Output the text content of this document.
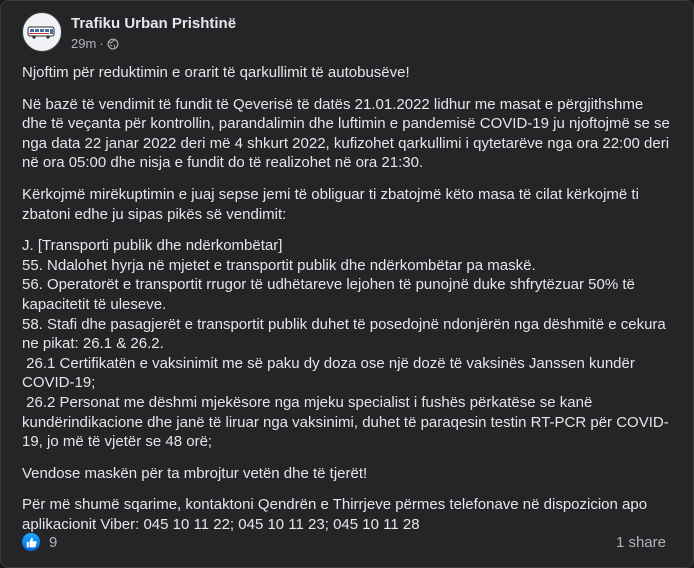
Trafiku Urban Prishtinë
29m ·

Njoftim për reduktimin e orarit të qarkullimit të autobusëve!

Në bazë të vendimit të fundit të Qeverisë të datës 21.01.2022 lidhur me masat e përgjithshme dhe të veçanta për kontrollin, parandalimin dhe luftimin e pandemisë COVID-19 ju njoftojmë se se nga data 22 janar 2022 deri më 4 shkurt 2022, kufizohet qarkullimi i qytetarëve nga ora 22:00 deri në ora 05:00 dhe nisja e fundit do të realizohet në ora 21:30.

Kërkojmë mirëkuptimin e juaj sepse jemi të obliguar ti zbatojmë këto masa të cilat kërkojmë ti zbatoni edhe ju sipas pikës së vendimit:

J. [Transporti publik dhe ndërkombëtar]
55. Ndalohet hyrja në mjetet e transportit publik dhe ndërkombëtar pa maskë.
56. Operatorët e transportit rrugor të udhëtareve lejohen të punojnë duke shfrytëzuar 50% të kapacitetit të uleseve.
58. Stafi dhe pasagjerët e transportit publik duhet të posedojnë ndonjërën nga dëshmitë e cekura ne pikat: 26.1 & 26.2.
26.1 Certifikatën e vaksinimit me së paku dy doza ose një dozë të vaksinës Janssen kundër COVID-19;
26.2 Personat me dëshmi mjekësore nga mjeku specialist i fushës përkatëse se kanë kundërindikacione dhe janë të liruar nga vaksinimi, duhet të paraqesin testin RT-PCR për COVID-19, jo më të vjetër se 48 orë;

Vendose maskën për ta mbrojtur vetën dhe të tjerët!

Për më shumë sqarime, kontaktoni Qendrën e Thirrjeve përmes telefonave në dispozicion apo aplikacionit Viber: 045 10 11 22; 045 10 11 23; 045 10 11 28

9	1 share
